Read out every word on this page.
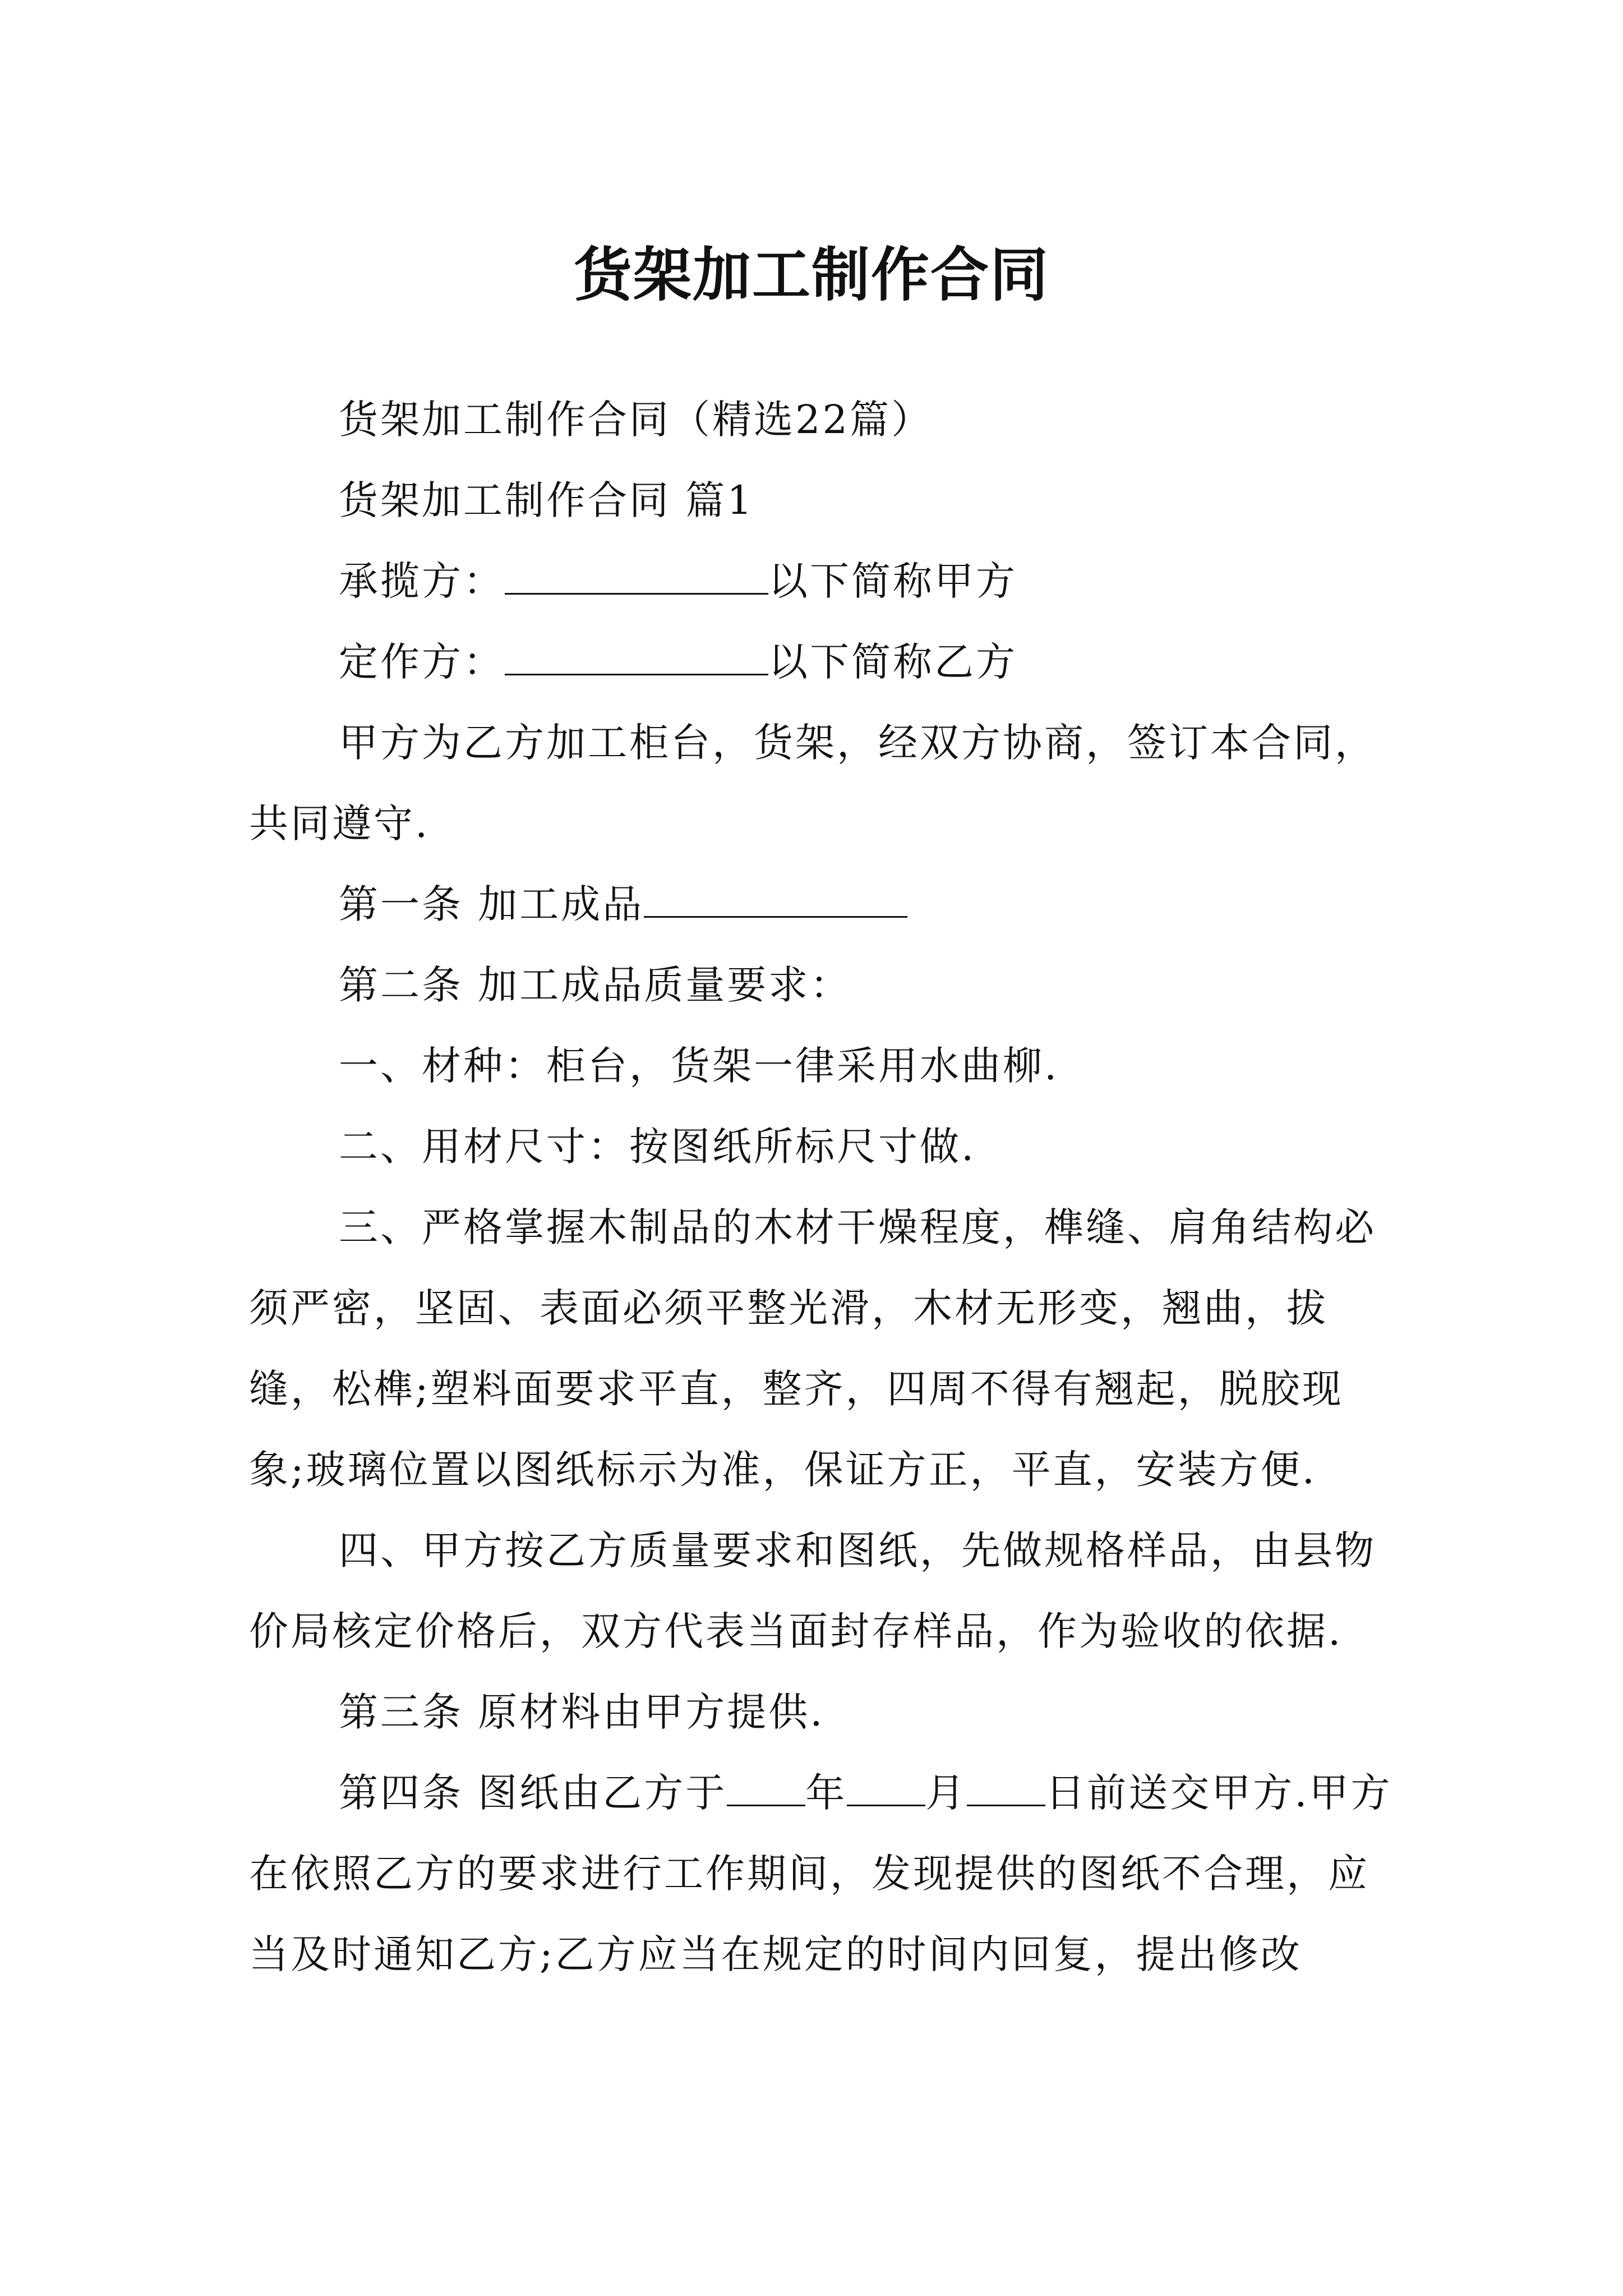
货架加工制作合同

货架加工制作合同（精选22篇）

货架加工制作合同 篇1

承揽方：	以下简称甲方

定作方：	以下简称乙方

甲方为乙方加工柜台，货架，经双方协商，签订本合同，共同遵守.

第一条 加工成品

第二条 加工成品质量要求：

一、材种：柜台，货架一律采用水曲柳.

二、用材尺寸：按图纸所标尺寸做.

三、严格掌握木制品的木材干燥程度，榫缝、肩角结构必须严密，坚固、表面必须平整光滑，木材无形变，翘曲，拔缝，松榫;塑料面要求平直，整齐，四周不得有翘起，脱胶现象;玻璃位置以图纸标示为准，保证方正，平直，安装方便.

四、甲方按乙方质量要求和图纸，先做规格样品，由县物价局核定价格后，双方代表当面封存样品，作为验收的依据.

第三条 原材料由甲方提供.

第四条 图纸由乙方于 年 月 日前送交甲方.甲方在依照乙方的要求进行工作期间，发现提供的图纸不合理，应当及时通知乙方;乙方应当在规定的时间内回复，提出修改
